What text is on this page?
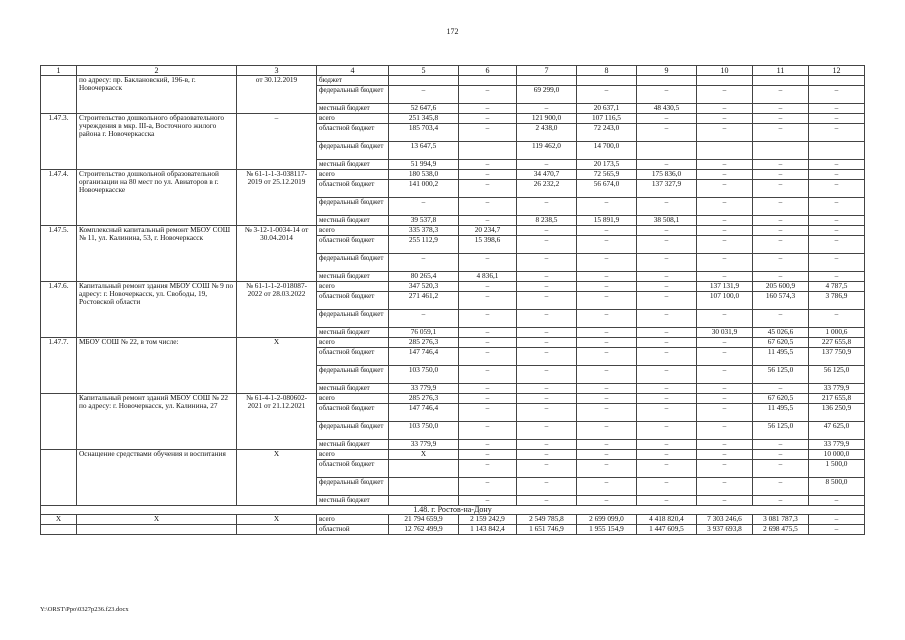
172
1	2	3	4	5	6	7	8	9	10	11	12
	по адресу: пр. Баклановский, 196-в, г. Новочеркасск	от 30.12.2019	бюджет								
			федеральный бюджет	–	–	69 299,0	–	–	–	–	–
			местный бюджет	52 647,6	–	–	20 637,1	48 430,5	–	–	–
1.47.3.	Строительство дошкольного образовательного учреждения в мкр. III-а, Восточного жилого района г. Новочеркасска	–	всего	251 345,8	–	121 900,0	107 116,5	–	–	–	–
			областной бюджет	185 703,4	–	2 438,0	72 243,0	–	–	–	–
			федеральный бюджет	13 647,5		119 462,0	14 700,0				
			местный бюджет	51 994,9	–	–	20 173,5	–	–	–	–
1.47.4.	Строительство дошкольной образовательной организации на 80 мест по ул. Авиаторов в г. Новочеркасске	№ 61-1-1-3-038117-2019 от 25.12.2019	всего	180 538,0	–	34 470,7	72 565,9	175 836,0	–	–	–
			областной бюджет	141 000,2	–	26 232,2	56 674,0	137 327,9	–	–	–
			федеральный бюджет	–	–	–	–	–	–	–	–
			местный бюджет	39 537,8	–	8 238,5	15 891,9	38 508,1	–	–	–
1.47.5.	Комплексный капитальный ремонт МБОУ СОШ № 11, ул. Калинина, 53, г. Новочеркасск	№ 3-12-1-0034-14 от 30.04.2014	всего	335 378,3	20 234,7	–	–	–	–	–	–
			областной бюджет	255 112,9	15 398,6	–	–	–	–	–	–
			федеральный бюджет	–	–	–	–	–	–	–	–
			местный бюджет	80 265,4	4 836,1	–	–	–	–	–	–
1.47.6.	Капитальный ремонт здания МБОУ СОШ № 9 по адресу: г. Новочеркасск, ул. Свободы, 19, Ростовской области	№ 61-1-1-2-018087-2022 от 28.03.2022	всего	347 520,3	–	–	–	–	137 131,9	205 600,9	4 787,5
			областной бюджет	271 461,2	–	–	–	–	107 100,0	160 574,3	3 786,9
			федеральный бюджет	–	–	–	–	–	–	–	–
			местный бюджет	76 059,1	–	–	–	–	30 031,9	45 026,6	1 000,6
1.47.7.	МБОУ СОШ № 22, в том числе:	X	всего	285 276,3	–	–	–	–	–	67 620,5	227 655,8
			областной бюджет	147 746,4	–	–	–	–	–	11 495,5	137 750,9
			федеральный бюджет	103 750,0	–	–	–	–	–	56 125,0	56 125,0
			местный бюджет	33 779,9	–	–	–	–	–	–	33 779,9
	Капитальный ремонт зданий МБОУ СОШ № 22 по адресу: г. Новочеркасск, ул. Калинина, 27	№ 61-4-1-2-080602-2021 от 21.12.2021	всего	285 276,3	–	–	–	–	–	67 620,5	217 655,8
			областной бюджет	147 746,4	–	–	–	–	–	11 495,5	136 250,9
			федеральный бюджет	103 750,0	–	–	–	–	–	56 125,0	47 625,0
			местный бюджет	33 779,9	–	–	–	–	–	–	33 779,9
	Оснащение средствами обучения и воспитания	X	всего	X	–	–	–	–	–	–	10 000,0
			областной бюджет		–	–	–	–	–	–	1 500,0
			федеральный бюджет		–	–	–	–	–	–	8 500,0
			местный бюджет		–	–	–	–	–	–	–
1.48. г. Ростов-на-Дону											
X	X	X	всего	21 794 659,9	2 159 242,9	2 549 785,8	2 699 099,0	4 418 820,4	7 303 246,6	3 081 787,3	–
			областной	12 762 499,9	1 143 842,4	1 651 746,9	1 955 154,9	1 447 609,5	3 937 693,8	2 698 475,5	–
Y:\ORST\Ppo\0327p236.f23.docx
